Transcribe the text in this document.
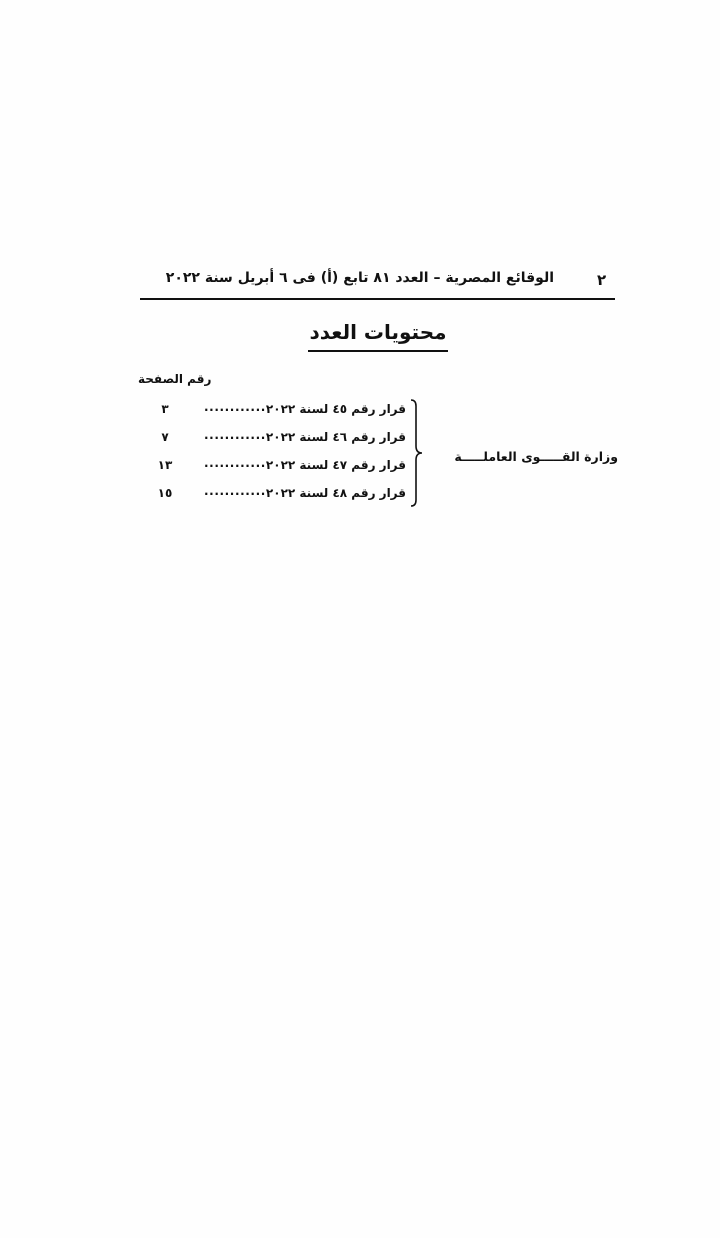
٢
الوقائع المصرية – العدد ٨١ تابع (أ) فى ٦ أبريل سنة ٢٠٢٢
محتويات العدد
رقم الصفحة
٣	............ قرار رقم ٤٥ لسنة ٢٠٢٢
٧	............ قرار رقم ٤٦ لسنة ٢٠٢٢
١٣	............ قرار رقم ٤٧ لسنة ٢٠٢٢
١٥	............ قرار رقم ٤٨ لسنة ٢٠٢٢
وزارة القـــــوى العاملـــــة
